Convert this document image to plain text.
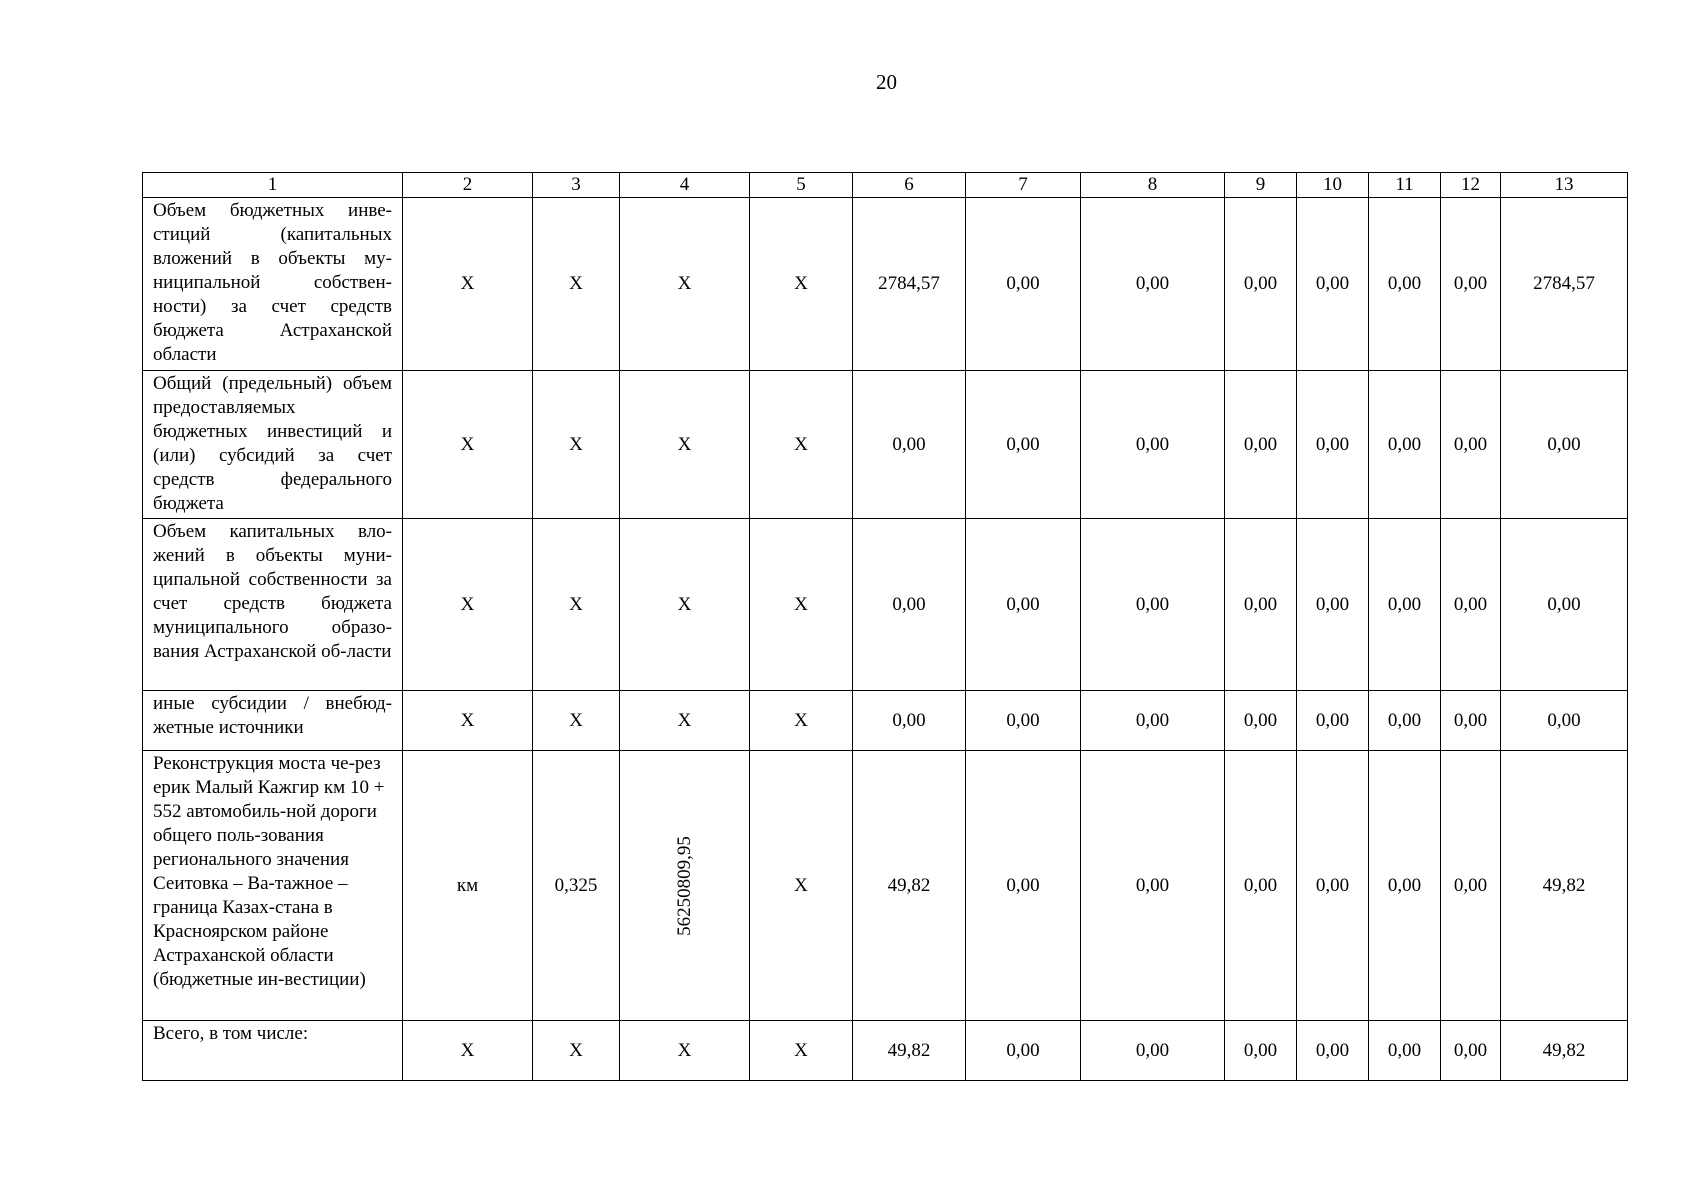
20
1	2	3	4	5	6	7	8	9	10	11	12	13
Объем бюджетных инве-стиций (капитальных вложений в объекты му-ниципальной собствен-ности) за счет средств бюджета Астраханской области	X	X	X	X	2784,57	0,00	0,00	0,00	0,00	0,00	0,00	2784,57
Общий (предельный) объем предоставляемых бюджетных инвестиций и (или) субсидий за счет средств федерального бюджета	X	X	X	X	0,00	0,00	0,00	0,00	0,00	0,00	0,00	0,00
Объем капитальных вло-жений в объекты муни-ципальной собственности за счет средств бюджета муниципального образо-вания Астраханской об-ласти	X	X	X	X	0,00	0,00	0,00	0,00	0,00	0,00	0,00	0,00
иные субсидии / внебюд-жетные источники	X	X	X	X	0,00	0,00	0,00	0,00	0,00	0,00	0,00	0,00
Реконструкция моста че-рез ерик Малый Кажгир км 10 + 552 автомобиль-ной дороги общего поль-зования регионального значения Сеитовка – Ва-тажное – граница Казах-стана в Красноярском районе Астраханской области (бюджетные ин-вестиции)	км	0,325	56250809,95	X	49,82	0,00	0,00	0,00	0,00	0,00	0,00	49,82
Всего, в том числе:	X	X	X	X	49,82	0,00	0,00	0,00	0,00	0,00	0,00	49,82
